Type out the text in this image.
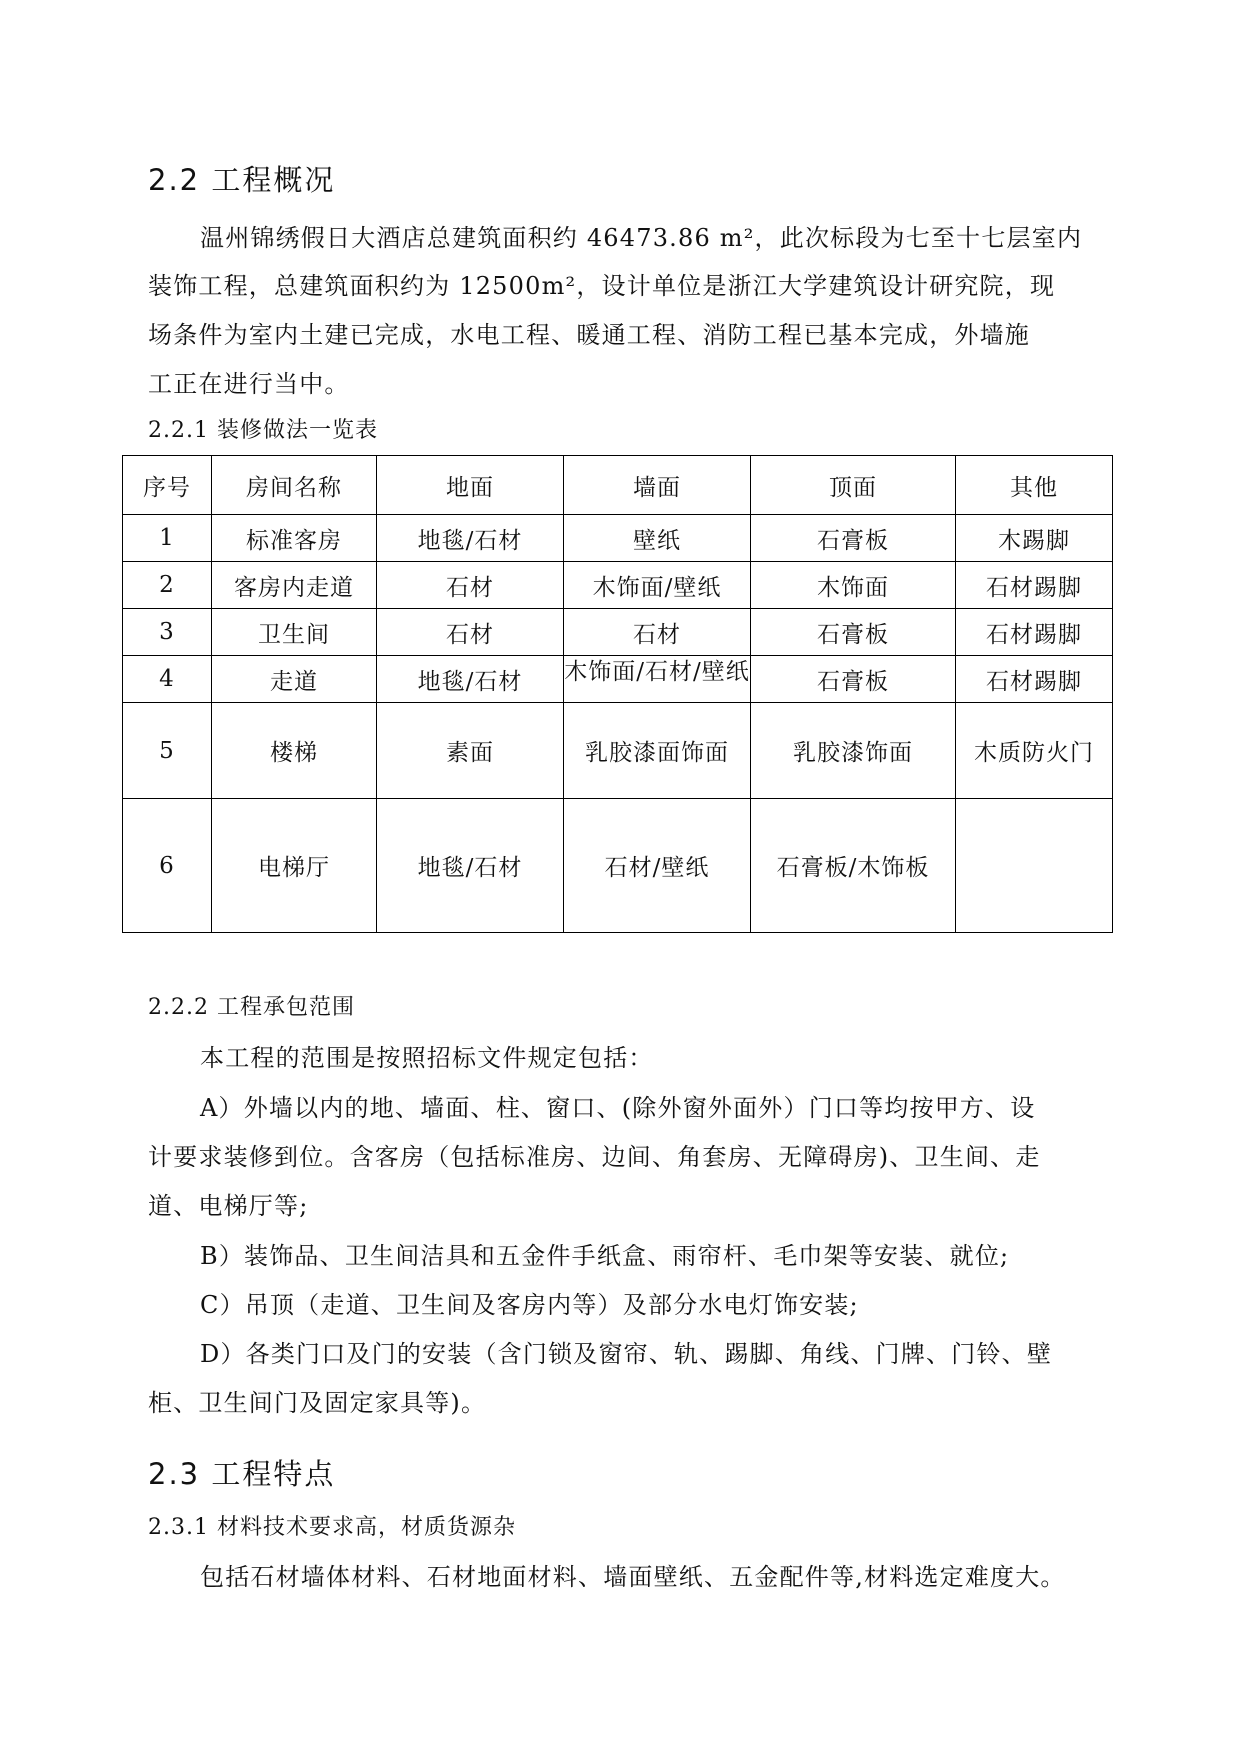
2.2 工程概况
温州锦绣假日大酒店总建筑面积约 46473.86 m²，此次标段为七至十七层室内
装饰工程，总建筑面积约为 12500m²，设计单位是浙江大学建筑设计研究院，现
场条件为室内土建已完成，水电工程、暖通工程、消防工程已基本完成，外墙施
工正在进行当中。
2.2.1 装修做法一览表
序号	房间名称	地面	墙面	顶面	其他
1	标准客房	地毯/石材	壁纸	石膏板	木踢脚
2	客房内走道	石材	木饰面/壁纸	木饰面	石材踢脚
3	卫生间	石材	石材	石膏板	石材踢脚
4	走道	地毯/石材	木饰面/石材/壁纸	石膏板	石材踢脚
5	楼梯	素面	乳胶漆面饰面	乳胶漆饰面	木质防火门
6	电梯厅	地毯/石材	石材/壁纸	石膏板/木饰板	
2.2.2 工程承包范围
本工程的范围是按照招标文件规定包括：
A）外墙以内的地、墙面、柱、窗口、(除外窗外面外）门口等均按甲方、设
计要求装修到位。含客房（包括标准房、边间、角套房、无障碍房)、卫生间、走
道、电梯厅等;
B）装饰品、卫生间洁具和五金件手纸盒、雨帘杆、毛巾架等安装、就位;
C）吊顶（走道、卫生间及客房内等）及部分水电灯饰安装;
D）各类门口及门的安装（含门锁及窗帘、轨、踢脚、角线、门牌、门铃、壁
柜、卫生间门及固定家具等)。
2.3 工程特点
2.3.1 材料技术要求高，材质货源杂
包括石材墙体材料、石材地面材料、墙面壁纸、五金配件等,材料选定难度大。
